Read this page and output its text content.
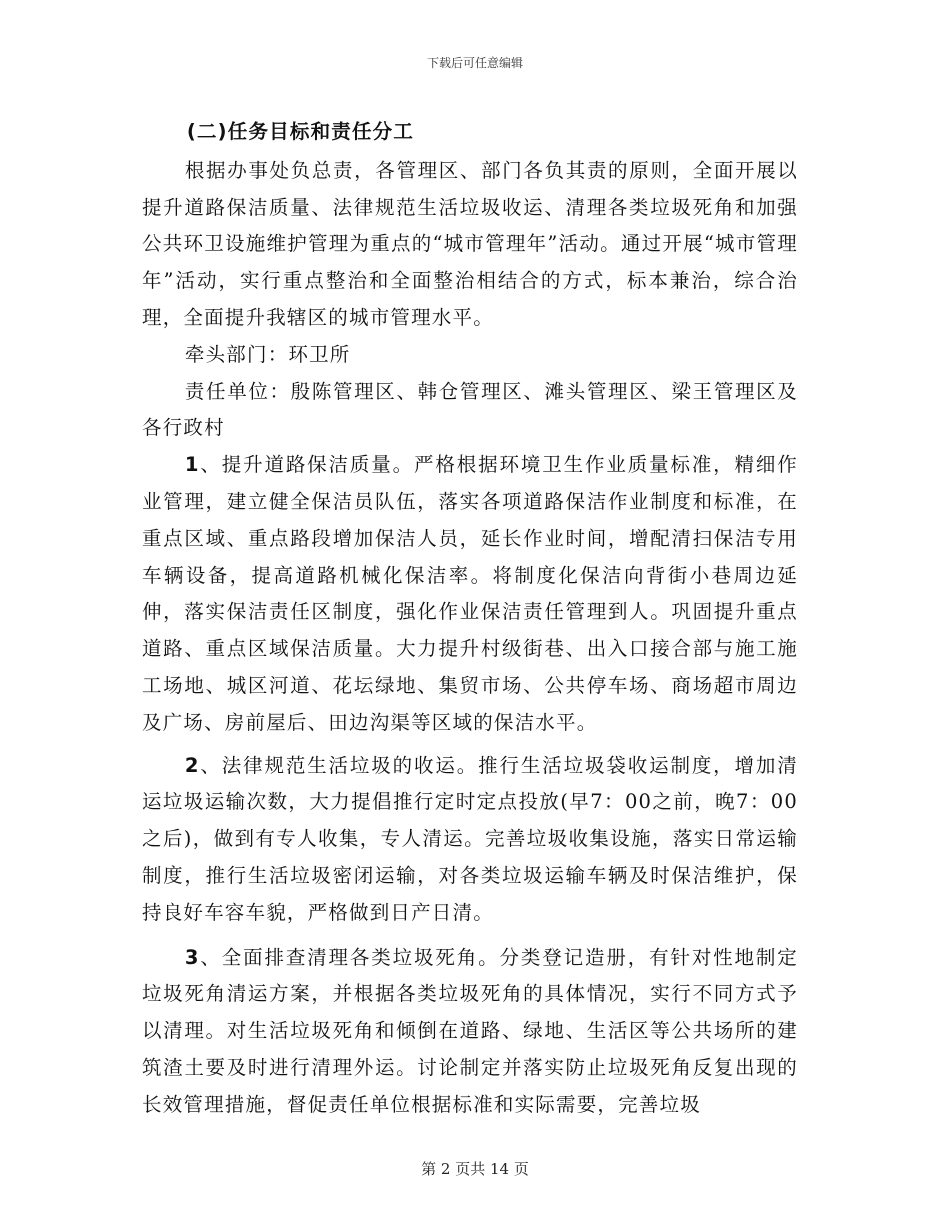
下载后可任意编辑

(二)任务目标和责任分工

根据办事处负总责，各管理区、部门各负其责的原则，全面开展以提升道路保洁质量、法律规范生活垃圾收运、清理各类垃圾死角和加强公共环卫设施维护管理为重点的“城市管理年”活动。通过开展“城市管理年”活动，实行重点整治和全面整治相结合的方式，标本兼治，综合治理，全面提升我辖区的城市管理水平。

牵头部门：环卫所

责任单位：殷陈管理区、韩仓管理区、滩头管理区、梁王管理区及各行政村

1、提升道路保洁质量。严格根据环境卫生作业质量标准，精细作业管理，建立健全保洁员队伍，落实各项道路保洁作业制度和标准，在重点区域、重点路段增加保洁人员，延长作业时间，增配清扫保洁专用车辆设备，提高道路机械化保洁率。将制度化保洁向背街小巷周边延伸，落实保洁责任区制度，强化作业保洁责任管理到人。巩固提升重点道路、重点区域保洁质量。大力提升村级街巷、出入口接合部与施工施工场地、城区河道、花坛绿地、集贸市场、公共停车场、商场超市周边及广场、房前屋后、田边沟渠等区域的保洁水平。

2、法律规范生活垃圾的收运。推行生活垃圾袋收运制度，增加清运垃圾运输次数，大力提倡推行定时定点投放(早7：00之前，晚7：00之后)，做到有专人收集，专人清运。完善垃圾收集设施，落实日常运输制度，推行生活垃圾密闭运输，对各类垃圾运输车辆及时保洁维护，保持良好车容车貌，严格做到日产日清。

3、全面排查清理各类垃圾死角。分类登记造册，有针对性地制定垃圾死角清运方案，并根据各类垃圾死角的具体情况，实行不同方式予以清理。对生活垃圾死角和倾倒在道路、绿地、生活区等公共场所的建筑渣土要及时进行清理外运。讨论制定并落实防止垃圾死角反复出现的长效管理措施，督促责任单位根据标准和实际需要，完善垃圾

第 2 页共 14 页
